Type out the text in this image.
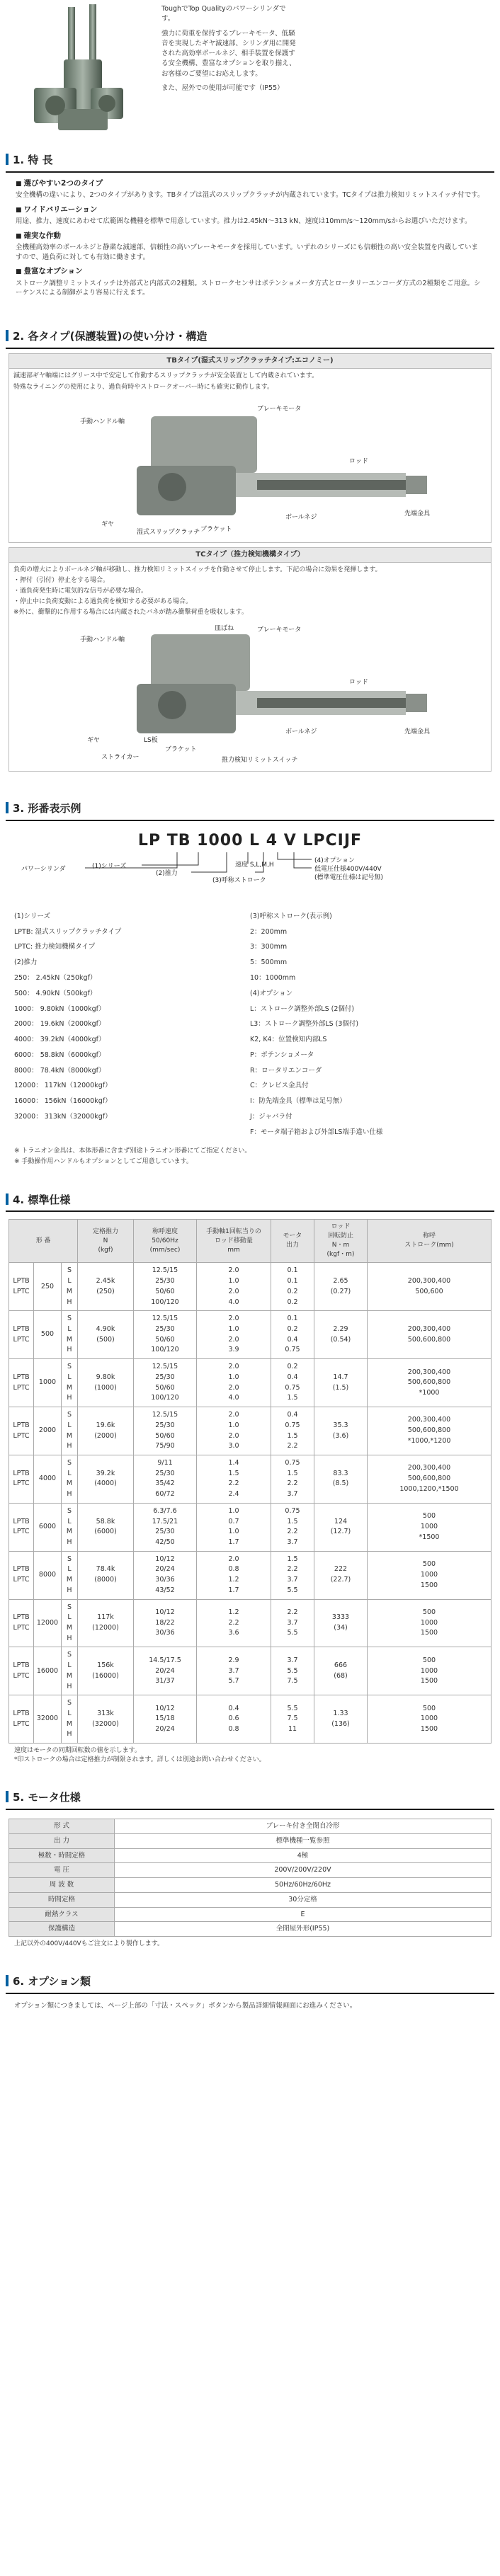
ToughでTop Qualityのパワーシリンダです。

強力に荷重を保持するブレーキモータ、低騒音を実現したギヤ減速部、シリンダ用に開発された高効率ボールネジ、相手装置を保護する安全機構、豊富なオプションを取り揃え、お客様のご要望にお応えします。

また、屋外での使用が可能です（IP55）

1. 特 長
■ 選びやすい2つのタイプ

安全機構の違いにより、2つのタイプがあります。TBタイプは湿式のスリップクラッチが内蔵されています。TCタイプは推力検知リミットスイッチ付です。

■ ワイドバリエーション

用途、推力、速度にあわせて広範囲な機種を標準で用意しています。推力は2.45kN～313 kN、速度は10mm/s～120mm/sからお選びいただけます。

■ 確実な作動

全機種高効率のボールネジと静粛な減速部、信頼性の高いブレーキモータを採用しています。いずれのシリーズにも信頼性の高い安全装置を内蔵していますので、過負荷に対しても有効に働きます。

■ 豊富なオプション

ストローク調整リミットスイッチは外部式と内部式の2種類。ストロークセンサはポテンショメータ方式とロータリーエンコーダ方式の2種類をご用意。シーケンスによる制御がより容易に行えます。

2. 各タイプ(保護装置)の使い分け・構造
TBタイプ(湿式スリップクラッチタイプ:エコノミー)

減速部ギヤ軸端にはグリース中で安定して作動するスリップクラッチが安全装置として内蔵されています。

特殊なライニングの使用により、過負荷時やストロークオーバー時にも確実に動作します。

手動ハンドル軸
ブレーキモータ
ギヤ
湿式スリップクラッチ ブラケット
ボールネジ
ロッド
先端金具
TCタイプ（推力検知機構タイプ）

負荷の増大によりボールネジ軸が移動し、推力検知リミットスイッチを作動させて停止します。下記の場合に効果を発揮します。

・押付（引付）停止をする場合。

・過負荷発生時に電気的な信号が必要な場合。

・停止中に負荷変動による過負荷を検知する必要がある場合。

※外に、衝撃的に作用する場合には内蔵されたバネが踏み衝撃荷重を吸収します。

手動ハンドル軸
ブレーキモータ
ギヤ
皿ばね
推力検知リミットスイッチ
ブラケット
ボールネジ
ロッド
先端金具
ストライカー
LS板
3. 形番表示例
LP TB 1000 L 4 V LPCIJF
パワーシリンダ	(1)シリーズ
(2)推力
速度 S,L,M,H
(3)呼称ストローク
(4)オプション
低電圧仕様400V/440V
(標準電圧仕様は記号無)

(1)シリーズ

LPTB: 湿式スリップクラッチタイプ

LPTC: 推力検知機構タイプ

(2)推力

250： 2.45kN（250kgf）

500： 4.90kN（500kgf）

1000： 9.80kN（1000kgf）

2000： 19.6kN（2000kgf）

4000： 39.2kN（4000kgf）

6000： 58.8kN（6000kgf）

8000： 78.4kN（8000kgf）

12000： 117kN（12000kgf）

16000： 156kN（16000kgf）

32000： 313kN（32000kgf）

(3)呼称ストローク(表示例)

2：200mm

3：300mm

5：500mm

10：1000mm

(4)オプション

L：ストローク調整外部LS (2個付)

L3：ストローク調整外部LS (3個付)

K2, K4：位置検知内部LS

P：ポテンショメータ

R：ロータリエンコーダ

C：クレビス金具付

I：防先端金具（標準は足号無）

J：ジャバラ付

F：モータ端子箱および外部LS端手違い仕様

※ トラニオン金具は、本体形番に含まず別途トラニオン形番にてご指定ください。

※ 手動操作用ハンドルもオプションとしてご用意しています。

4. 標準仕様
形 番			定格推力
N
(kgf)	称呼速度
50/60Hz
(mm/sec)	手動軸1回転当りの
ロッド移動量
mm	モータ
出力	ロッド
回転防止
N・m
(kgf・m)	称呼
ストローク(mm)
LPTB
LPTC	250	S
L
M
H	2.45k
(250)	12.5/15
25/30
50/60
100/120	2.0
1.0
2.0
4.0	0.1
0.1
0.2
0.2	2.65
(0.27)	200,300,400
500,600
LPTB
LPTC	500	S
L
M
H	4.90k
(500)	12.5/15
25/30
50/60
100/120	2.0
1.0
2.0
3.9	0.1
0.2
0.4
0.75	2.29
(0.54)	200,300,400
500,600,800
LPTB
LPTC	1000	S
L
M
H	9.80k
(1000)	12.5/15
25/30
50/60
100/120	2.0
1.0
2.0
4.0	0.2
0.4
0.75
1.5	14.7
(1.5)	200,300,400
500,600,800
*1000
LPTB
LPTC	2000	S
L
M
H	19.6k
(2000)	12.5/15
25/30
50/60
75/90	2.0
1.0
2.0
3.0	0.4
0.75
1.5
2.2	35.3
(3.6)	200,300,400
500,600,800
*1000,*1200
LPTB
LPTC	4000	S
L
M
H	39.2k
(4000)	9/11
25/30
35/42
60/72	1.4
1.5
2.2
2.4	0.75
1.5
2.2
3.7	83.3
(8.5)	200,300,400
500,600,800
1000,1200,*1500
LPTB
LPTC	6000	S
L
M
H	58.8k
(6000)	6.3/7.6
17.5/21
25/30
42/50	1.0
0.7
1.0
1.7	0.75
1.5
2.2
3.7	124
(12.7)	500
1000
*1500
LPTB
LPTC	8000	S
L
M
H	78.4k
(8000)	10/12
20/24
30/36
43/52	2.0
0.8
1.2
1.7	1.5
2.2
3.7
5.5	222
(22.7)	500
1000
1500
LPTB
LPTC	12000	S
L
M
H	117k
(12000)	10/12
18/22
30/36	1.2
2.2
3.6	2.2
3.7
5.5	3333
(34)	500
1000
1500
LPTB
LPTC	16000	S
L
M
H	156k
(16000)	14.5/17.5
20/24
31/37	2.9
3.7
5.7	3.7
5.5
7.5	666
(68)	500
1000
1500
LPTB
LPTC	32000	S
L
M
H	313k
(32000)	10/12
15/18
20/24	0.4
0.6
0.8	5.5
7.5
11	1.33
(136)	500
1000
1500

速度はモータの同期回転数の値を示します。

*印ストロークの場合は定格推力が制限されます。詳しくは別途お問い合わせください。

5. モータ仕様
形 式	ブレーキ付き全閉自冷形
出 力	標準機種一覧参照
極数・時間定格	4極
電 圧	200V/200V/220V
周 波 数	50Hz/60Hz/60Hz
時間定格	30分定格
耐熱クラス	E
保護構造	全閉屋外形(IP55)
上記以外の400V/440Vもご注文により製作します。
6. オプション類
オプション類につきましては、ページ上部の「寸法・スペック」ボタンから製品詳細情報画面にお進みください。
